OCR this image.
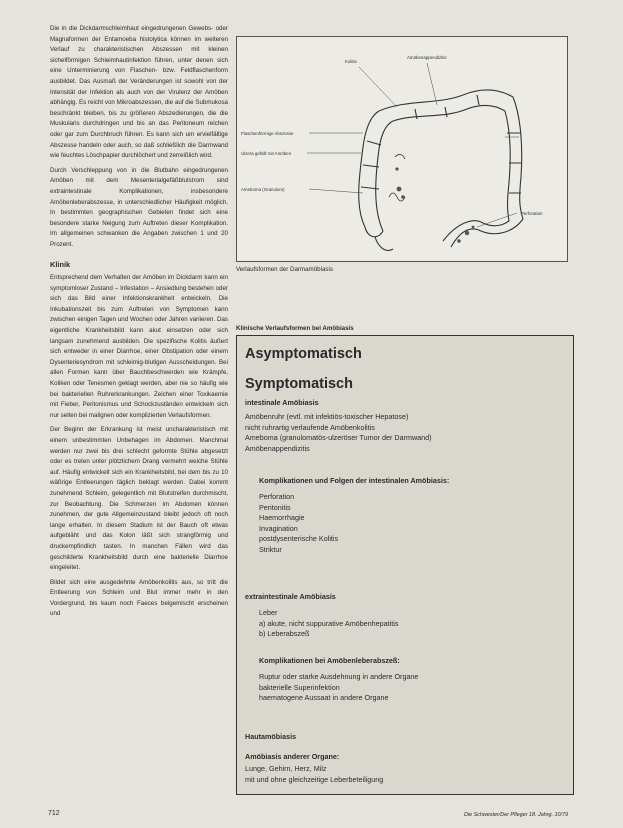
Die in die Dickdarmschleimhaut eingedrungenen Gewebs- oder Magnaformen der Entamoeba histolytica können im weiteren Verlauf zu charakteristischen Abszessen mit kleinen sichelförmigen Schleimhautinfektion führen, unter denen sich eine Unterminierung von Flaschen- bzw. Feldflaschenform ausbildet. Das Ausmaß der Veränderungen ist sowohl von der Intensität der Infektion als auch von der Virulenz der Amöben abhängig. Es reicht von Mikroabszessen, die auf die Submukosa beschränkt bleiben, bis zu größeren Abszedierungen, die die Muskularis durchdringen und bis an das Peritoneum reichen oder gar zum Durchbruch führen. Es kann sich um ervielfältige Abszesse handeln oder auch, so daß schließlich die Darmwand wie feuchtes Löschpapier durchlöchert und zerreißlich wird.

Durch Verschleppung von in die Blutbahn eingedrungenen Amöben mit dem Mesenterialgefäßblutstrom sind extraintestinale Komplikationen, insbesondere Amöbenleberabszesse, in unterschiedlicher Häufigkeit möglich. In bestimmten geographischen Gebieten findet sich eine besondere starke Neigung zum Auftreten dieser Komplikation. Im allgemeinen schwanken die Angaben zwischen 1 und 20 Prozent.

Klinik

Entsprechend dem Verhalten der Amöben im Dickdarm kann ein symptomloser Zustand – Infestation – Ansiedlung bestehen oder sich das Bild einer Infektionskrankheit entwickeln. Die Inkubationszeit bis zum Auftreten von Symptomen kann zwischen einigen Tagen und Wochen oder Jahren variieren. Das eigentliche Krankheitsbild kann akut einsetzen oder sich langsam zunehmend ausbilden. Die spezifische Kolitis äußert sich entweder in einer Diarrhoe, einer Obstipation oder einem Dysenteriesyndrom mit schleimig-blutigen Ausscheidungen. Bei allen Formen kann über Bauchbeschwerden wie Krämpfe, Koliken oder Tenesmen geklagt werden, aber nie so häufig wie bei bakteriellen Ruhrerkrankungen. Zeichen einer Toxikaemie mit Fieber, Peritonismus und Schockzuständen entwickeln sich nur selten bei malignen oder komplizierten Verlaufsformen.

Der Beginn der Erkrankung ist meist uncharakteristisch mit einem unbestimmten Unbehagen im Abdomen. Manchmal werden nur zwei bis drei schlecht geformte Stühle abgesetzt oder es treten unter plötzlichem Drang vermehrt weiche Stühle auf. Häufig entwickelt sich ein Krankheitsbild, bei dem bis zu 10 wäßrige Entleerungen täglich beklagt werden. Dabei kommt zunehmend Schleim, gelegentlich mit Blutstreifen durchmischt, zur Beobachtung. Die Schmerzen im Abdomen können zunehmen, der gute Allgemeinzustand bleibt jedoch oft noch lange erhalten. In diesem Stadium ist der Bauch oft etwas aufgebläht und das Kolon läßt sich strangförmig und druckempfindlich tasten. In manchen Fällen wird das geschilderte Krankheitsbild durch eine bakterielle Diarrhoe eingeleitet.

Bildet sich eine ausgedehnte Amöbenkolitis aus, so tritt die Entleerung von Schleim und Blut immer mehr in den Vordergrund, bis kaum noch Faeces beigemischt erscheinen und

Kolitis
Amöbenappendizitis
Flaschenförmige Abszesse
Ulzera gefüllt mit Amöben
Ameboma (Granulom)
Perforation
Verlaufsformen der Darmamöbiasis
Klinische Verlaufsformen bei Amöbiasis
Asymptomatisch
Symptomatisch
intestinale Amöbiasis
Amöbenruhr (evtl. mit infektiös-toxischer Hepatose)
nicht ruhrartig verlaufende Amöbenkolitis
Ameboma (granulomatös-ulzeröser Tumor der Darmwand)
Amöbenappendizitis
Komplikationen und Folgen der intestinalen Amöbiasis:
Perforation
Peritonitis
Haemorrhagie
Invagination
postdysenterische Kolitis
Striktur
extraintestinale Amöbiasis
Leber
a) akute, nicht suppurative Amöbenhepatitis
b) Leberabszeß
Komplikationen bei Amöbenleberabszeß:
Ruptur oder starke Ausdehnung in andere Organe
bakterielle Superinfektion
haematogene Aussaat in andere Organe
Hautamöbiasis
Amöbiasis anderer Organe:
Lunge, Gehirn, Herz, Milz
mit und ohne gleichzeitige Leberbeteiligung
712	Die Schwester/Der Pfleger 18. Jahrg. 10/79
